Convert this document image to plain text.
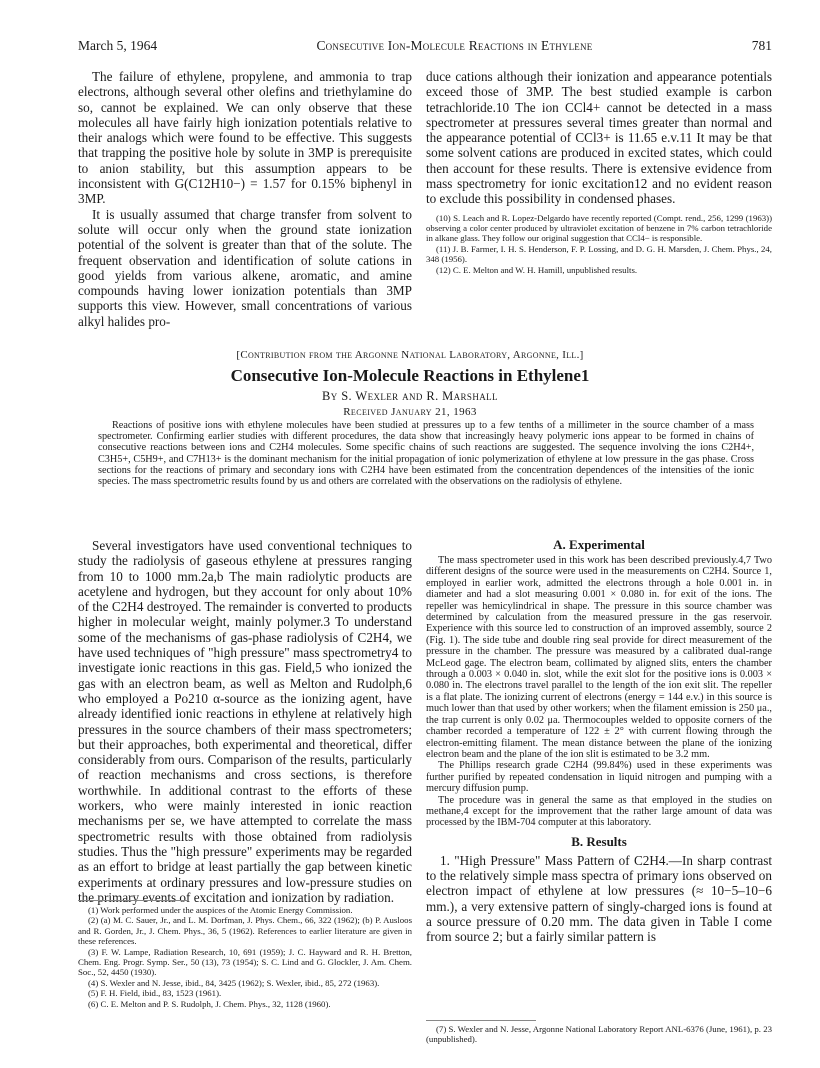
March 5, 1964	Consecutive Ion-Molecule Reactions in Ethylene	781

The failure of ethylene, propylene, and ammonia to trap electrons, although several other olefins and triethylamine do so, cannot be explained. We can only observe that these molecules all have fairly high ionization potentials relative to their analogs which were found to be effective. This suggests that trapping the positive hole by solute in 3MP is prerequisite to anion stability, but this assumption appears to be inconsistent with G(C12H10−) = 1.57 for 0.15% biphenyl in 3MP.

It is usually assumed that charge transfer from solvent to solute will occur only when the ground state ionization potential of the solvent is greater than that of the solute. The frequent observation and identification of solute cations in good yields from various alkene, aromatic, and amine compounds having lower ionization potentials than 3MP supports this view. However, small concentrations of various alkyl halides pro-

duce cations although their ionization and appearance potentials exceed those of 3MP. The best studied example is carbon tetrachloride.10 The ion CCl4+ cannot be detected in a mass spectrometer at pressures several times greater than normal and the appearance potential of CCl3+ is 11.65 e.v.11 It may be that some solvent cations are produced in excited states, which could then account for these results. There is extensive evidence from mass spectrometry for ionic excitation12 and no evident reason to exclude this possibility in condensed phases.

(10) S. Leach and R. Lopez-Delgardo have recently reported (Compt. rend., 256, 1299 (1963)) observing a color center produced by ultraviolet excitation of benzene in 7% carbon tetrachloride in alkane glass. They follow our original suggestion that CCl4− is responsible.

(11) J. B. Farmer, I. H. S. Henderson, F. P. Lossing, and D. G. H. Marsden, J. Chem. Phys., 24, 348 (1956).

(12) C. E. Melton and W. H. Hamill, unpublished results.

[Contribution from the Argonne National Laboratory, Argonne, Ill.]
Consecutive Ion-Molecule Reactions in Ethylene1
By S. Wexler and R. Marshall
Received January 21, 1963
Reactions of positive ions with ethylene molecules have been studied at pressures up to a few tenths of a millimeter in the source chamber of a mass spectrometer. Confirming earlier studies with different procedures, the data show that increasingly heavy polymeric ions appear to be formed in chains of consecutive reactions between ions and C2H4 molecules. Some specific chains of such reactions are suggested. The sequence involving the ions C2H4+, C3H5+, C5H9+, and C7H13+ is the dominant mechanism for the initial propagation of ionic polymerization of ethylene at low pressure in the gas phase. Cross sections for the reactions of primary and secondary ions with C2H4 have been estimated from the concentration dependences of the intensities of the ionic species. The mass spectrometric results found by us and others are correlated with the observations on the radiolysis of ethylene.

Several investigators have used conventional techniques to study the radiolysis of gaseous ethylene at pressures ranging from 10 to 1000 mm.2a,b The main radiolytic products are acetylene and hydrogen, but they account for only about 10% of the C2H4 destroyed. The remainder is converted to products higher in molecular weight, mainly polymer.3 To understand some of the mechanisms of gas-phase radiolysis of C2H4, we have used techniques of "high pressure" mass spectrometry4 to investigate ionic reactions in this gas. Field,5 who ionized the gas with an electron beam, as well as Melton and Rudolph,6 who employed a Po210 α-source as the ionizing agent, have already identified ionic reactions in ethylene at relatively high pressures in the source chambers of their mass spectrometers; but their approaches, both experimental and theoretical, differ considerably from ours. Comparison of the results, particularly of reaction mechanisms and cross sections, is therefore worthwhile. In additional contrast to the efforts of these workers, who were mainly interested in ionic reaction mechanisms per se, we have attempted to correlate the mass spectrometric results with those obtained from radiolysis studies. Thus the "high pressure" experiments may be regarded as an effort to bridge at least partially the gap between kinetic experiments at ordinary pressures and low-pressure studies on the primary events of excitation and ionization by radiation.

(1) Work performed under the auspices of the Atomic Energy Commission.

(2) (a) M. C. Sauer, Jr., and L. M. Dorfman, J. Phys. Chem., 66, 322 (1962); (b) P. Ausloos and R. Gorden, Jr., J. Chem. Phys., 36, 5 (1962). References to earlier literature are given in these references.

(3) F. W. Lampe, Radiation Research, 10, 691 (1959); J. C. Hayward and R. H. Bretton, Chem. Eng. Progr. Symp. Ser., 50 (13), 73 (1954); S. C. Lind and G. Glockler, J. Am. Chem. Soc., 52, 4450 (1930).

(4) S. Wexler and N. Jesse, ibid., 84, 3425 (1962); S. Wexler, ibid., 85, 272 (1963).

(5) F. H. Field, ibid., 83, 1523 (1961).

(6) C. E. Melton and P. S. Rudolph, J. Chem. Phys., 32, 1128 (1960).

A. Experimental

The mass spectrometer used in this work has been described previously.4,7 Two different designs of the source were used in the measurements on C2H4. Source 1, employed in earlier work, admitted the electrons through a hole 0.001 in. in diameter and had a slot measuring 0.001 × 0.080 in. for exit of the ions. The repeller was hemicylindrical in shape. The pressure in this source chamber was determined by calculation from the measured pressure in the gas reservoir. Experience with this source led to construction of an improved assembly, source 2 (Fig. 1). The side tube and double ring seal provide for direct measurement of the pressure in the chamber. The pressure was measured by a calibrated dual-range McLeod gage. The electron beam, collimated by aligned slits, enters the chamber through a 0.003 × 0.040 in. slot, while the exit slot for the positive ions is 0.003 × 0.080 in. The electrons travel parallel to the length of the ion exit slit. The repeller is a flat plate. The ionizing current of electrons (energy = 144 e.v.) in this source is much lower than that used by other workers; when the filament emission is 250 μa., the trap current is only 0.02 μa. Thermocouples welded to opposite corners of the chamber recorded a temperature of 122 ± 2° with current flowing through the electron-emitting filament. The mean distance between the plane of the ionizing electron beam and the plane of the ion slit is estimated to be 3.2 mm.

The Phillips research grade C2H4 (99.84%) used in these experiments was further purified by repeated condensation in liquid nitrogen and pumping with a mercury diffusion pump.

The procedure was in general the same as that employed in the studies on methane,4 except for the improvement that the rather large amount of data was processed by the IBM-704 computer at this laboratory.

B. Results

1. "High Pressure" Mass Pattern of C2H4.—In sharp contrast to the relatively simple mass spectra of primary ions observed on electron impact of ethylene at low pressures (≈ 10−5–10−6 mm.), a very extensive pattern of singly-charged ions is found at a source pressure of 0.20 mm. The data given in Table I come from source 2; but a fairly similar pattern is

(7) S. Wexler and N. Jesse, Argonne National Laboratory Report ANL-6376 (June, 1961), p. 23 (unpublished).
